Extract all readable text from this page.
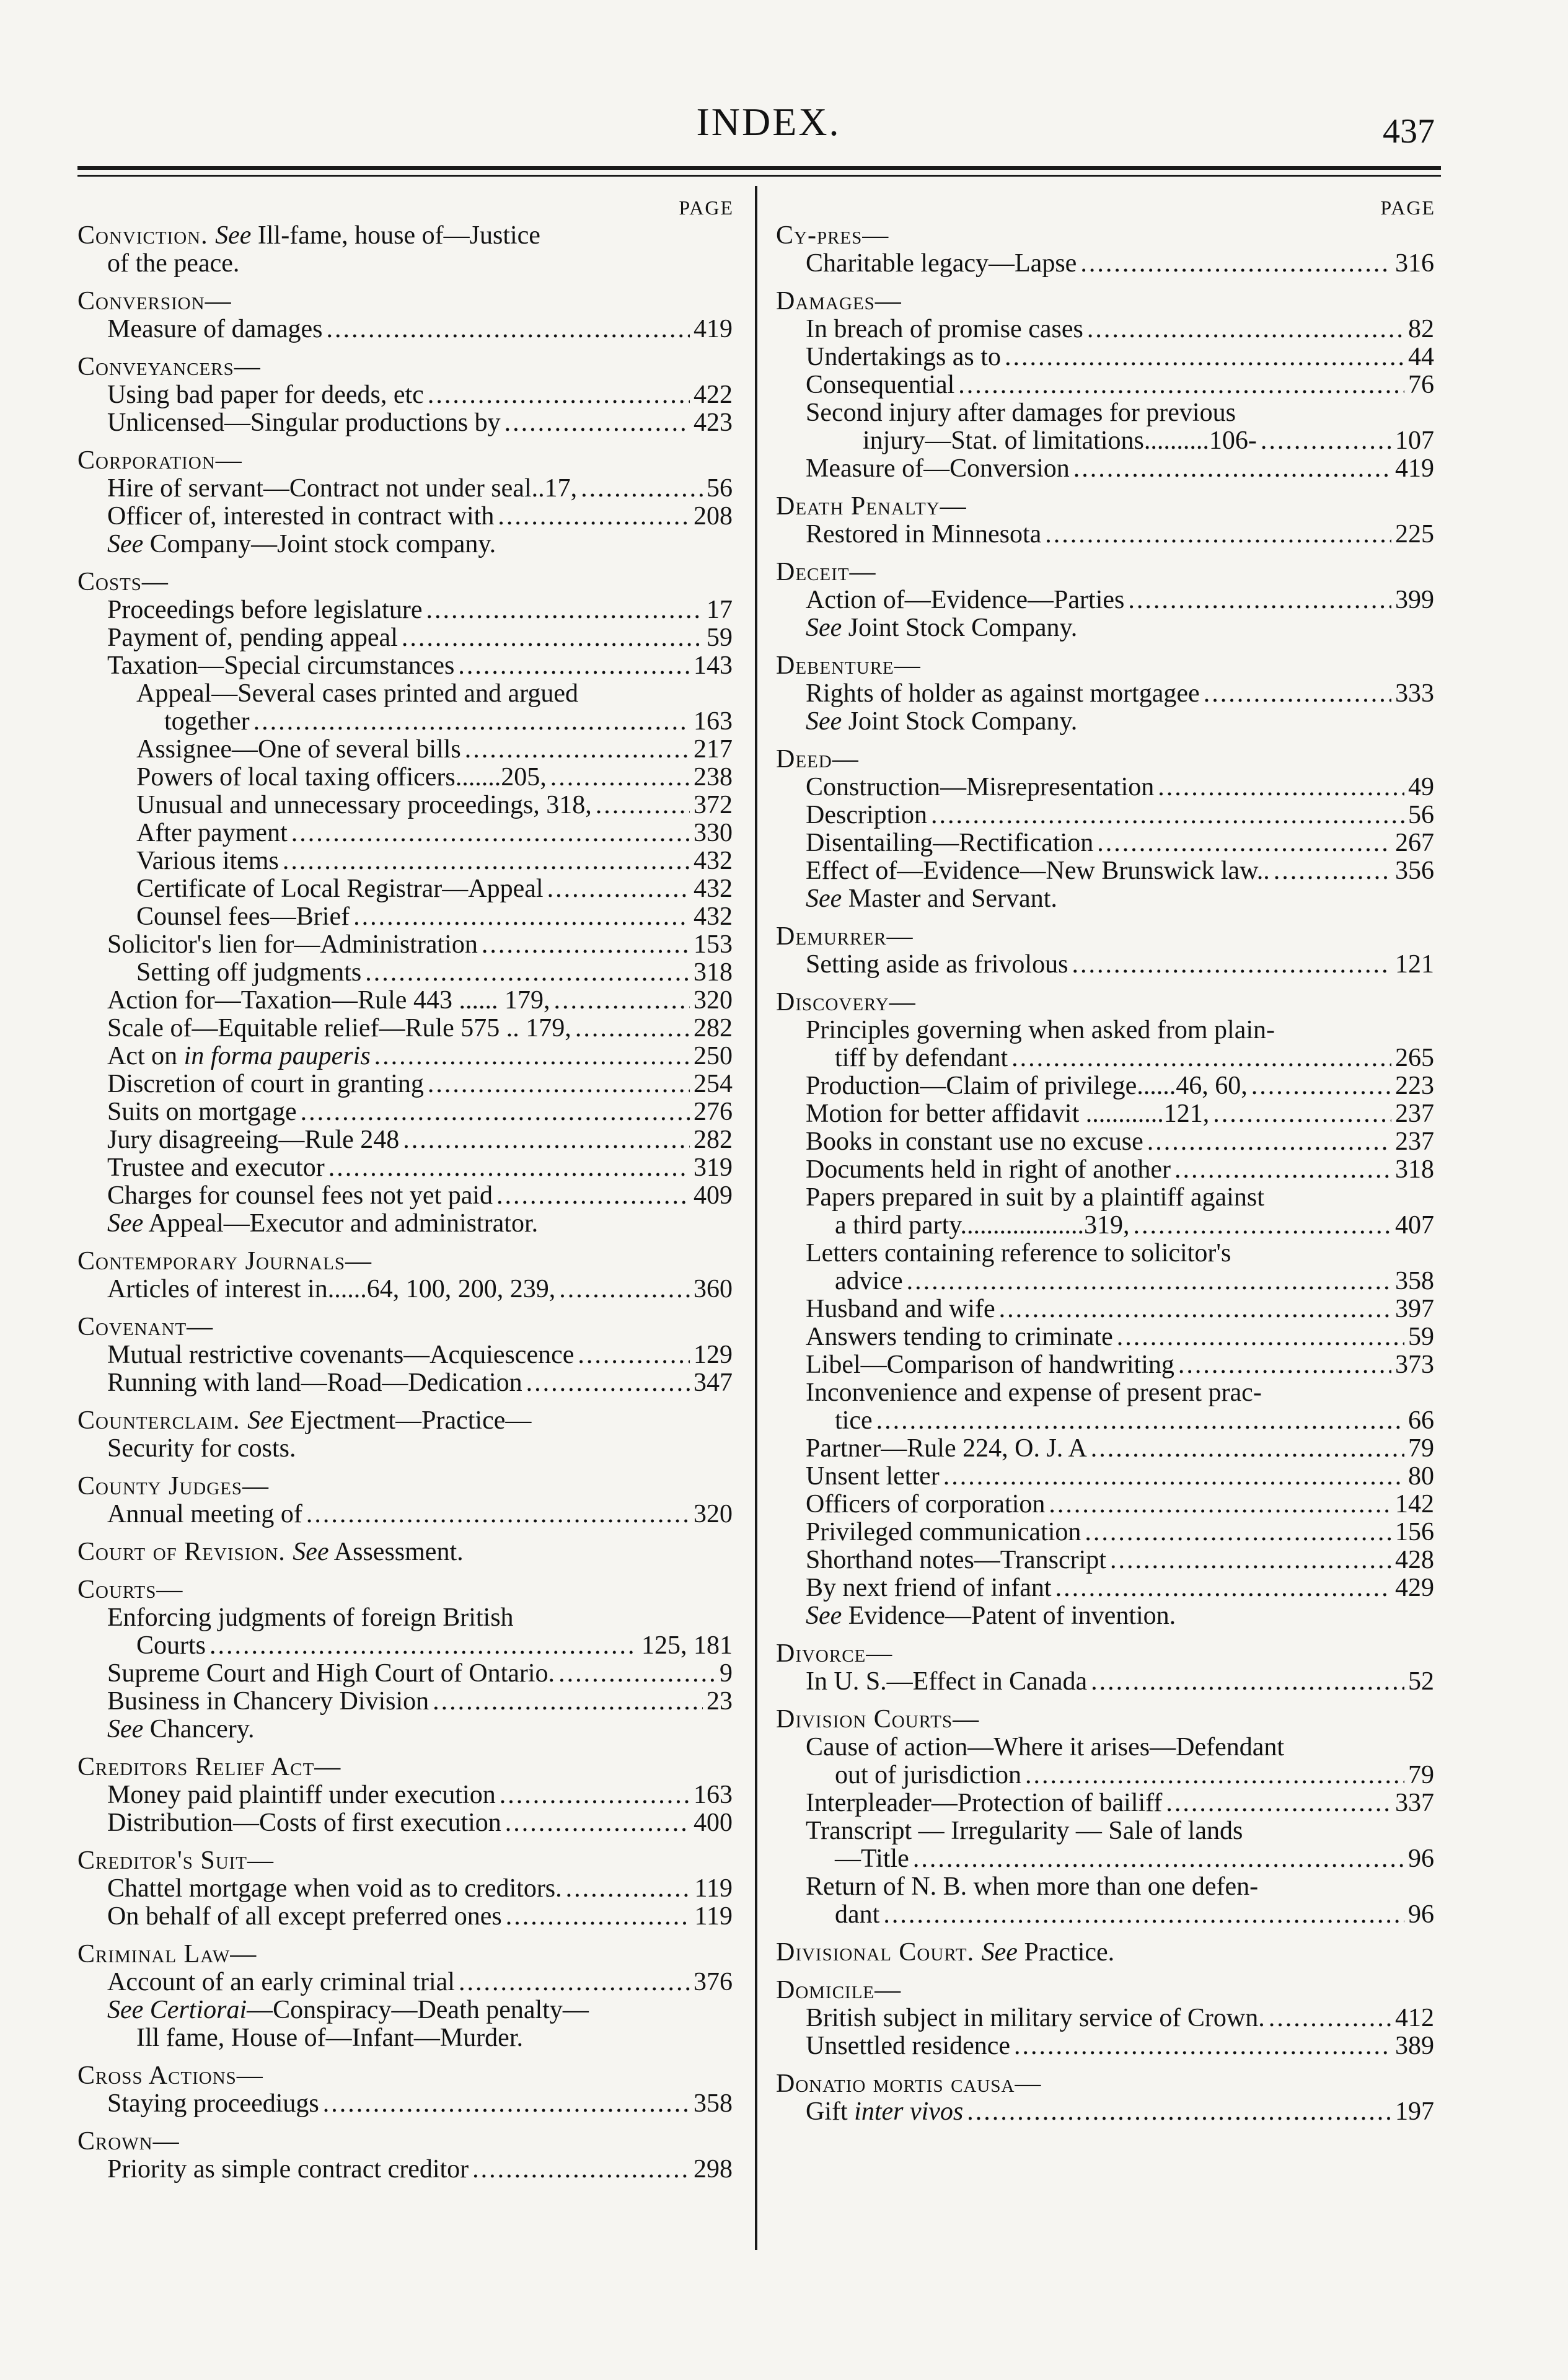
INDEX.	437
PAGE
Conviction. See Ill-fame, house of—Justice
of the peace.
Conversion—
Measure of damages .....	419
Conveyancers—
Using bad paper for deeds, etc .....	422
Unlicensed—Singular productions by .....	423
Corporation—
Hire of servant—Contract not under seal..17, .....	56
Officer of, interested in contract with .....	208
See Company—Joint stock company.
Costs—
Proceedings before legislature .....	17
Payment of, pending appeal .....	59
Taxation—Special circumstances .....	143
Appeal—Several cases printed and argued
together .....	163
Assignee—One of several bills .....	217
Powers of local taxing officers.......205, .....	238
Unusual and unnecessary proceedings, 318, .....	372
After payment .....	330
Various items .....	432
Certificate of Local Registrar—Appeal .....	432
Counsel fees—Brief .....	432
Solicitor's lien for—Administration .....	153
Setting off judgments .....	318
Action for—Taxation—Rule 443 ...... 179, .....	320
Scale of—Equitable relief—Rule 575 .. 179, .....	282
Act on in forma pauperis .....	250
Discretion of court in granting .....	254
Suits on mortgage .....	276
Jury disagreeing—Rule 248 .....	282
Trustee and executor .....	319
Charges for counsel fees not yet paid .....	409
See Appeal—Executor and administrator.
Contemporary Journals—
Articles of interest in......64, 100, 200, 239, .....	360
Covenant—
Mutual restrictive covenants—Acquiescence .....	129
Running with land—Road—Dedication .....	347
Counterclaim. See Ejectment—Practice—
Security for costs.
County Judges—
Annual meeting of .....	320
Court of Revision. See Assessment.
Courts—
Enforcing judgments of foreign British
Courts .....	125, 181
Supreme Court and High Court of Ontario. .....	9
Business in Chancery Division .....	23
See Chancery.
Creditors Relief Act—
Money paid plaintiff under execution .....	163
Distribution—Costs of first execution .....	400
Creditor's Suit—
Chattel mortgage when void as to creditors. .....	119
On behalf of all except preferred ones .....	119
Criminal Law—
Account of an early criminal trial .....	376
See Certiorai—Conspiracy—Death penalty—
Ill fame, House of—Infant—Murder.
Cross Actions—
Staying proceediugs .....	358
Crown—
Priority as simple contract creditor .....	298
PAGE
Cy-pres—
Charitable legacy—Lapse .....	316
Damages—
In breach of promise cases .....	82
Undertakings as to .....	44
Consequential .....	76
Second injury after damages for previous
injury—Stat. of limitations..........106- .....	107
Measure of—Conversion .....	419
Death Penalty—
Restored in Minnesota .....	225
Deceit—
Action of—Evidence—Parties .....	399
See Joint Stock Company.
Debenture—
Rights of holder as against mortgagee .....	333
See Joint Stock Company.
Deed—
Construction—Misrepresentation .....	49
Description .....	56
Disentailing—Rectification .....	267
Effect of—Evidence—New Brunswick law.. .....	356
See Master and Servant.
Demurrer—
Setting aside as frivolous .....	121
Discovery—
Principles governing when asked from plain-
tiff by defendant .....	265
Production—Claim of privilege......46, 60, .....	223
Motion for better affidavit ............121, .....	237
Books in constant use no excuse .....	237
Documents held in right of another .....	318
Papers prepared in suit by a plaintiff against
a third party...................319, .....	407
Letters containing reference to solicitor's
advice .....	358
Husband and wife .....	397
Answers tending to criminate .....	59
Libel—Comparison of handwriting .....	373
Inconvenience and expense of present prac-
tice .....	66
Partner—Rule 224, O. J. A .....	79
Unsent letter .....	80
Officers of corporation .....	142
Privileged communication .....	156
Shorthand notes—Transcript .....	428
By next friend of infant .....	429
See Evidence—Patent of invention.
Divorce—
In U. S.—Effect in Canada .....	52
Division Courts—
Cause of action—Where it arises—Defendant
out of jurisdiction .....	79
Interpleader—Protection of bailiff .....	337
Transcript — Irregularity — Sale of lands
—Title .....	96
Return of N. B. when more than one defen-
dant .....	96
Divisional Court. See Practice.
Domicile—
British subject in military service of Crown. .....	412
Unsettled residence .....	389
Donatio mortis causa—
Gift inter vivos .....	197
